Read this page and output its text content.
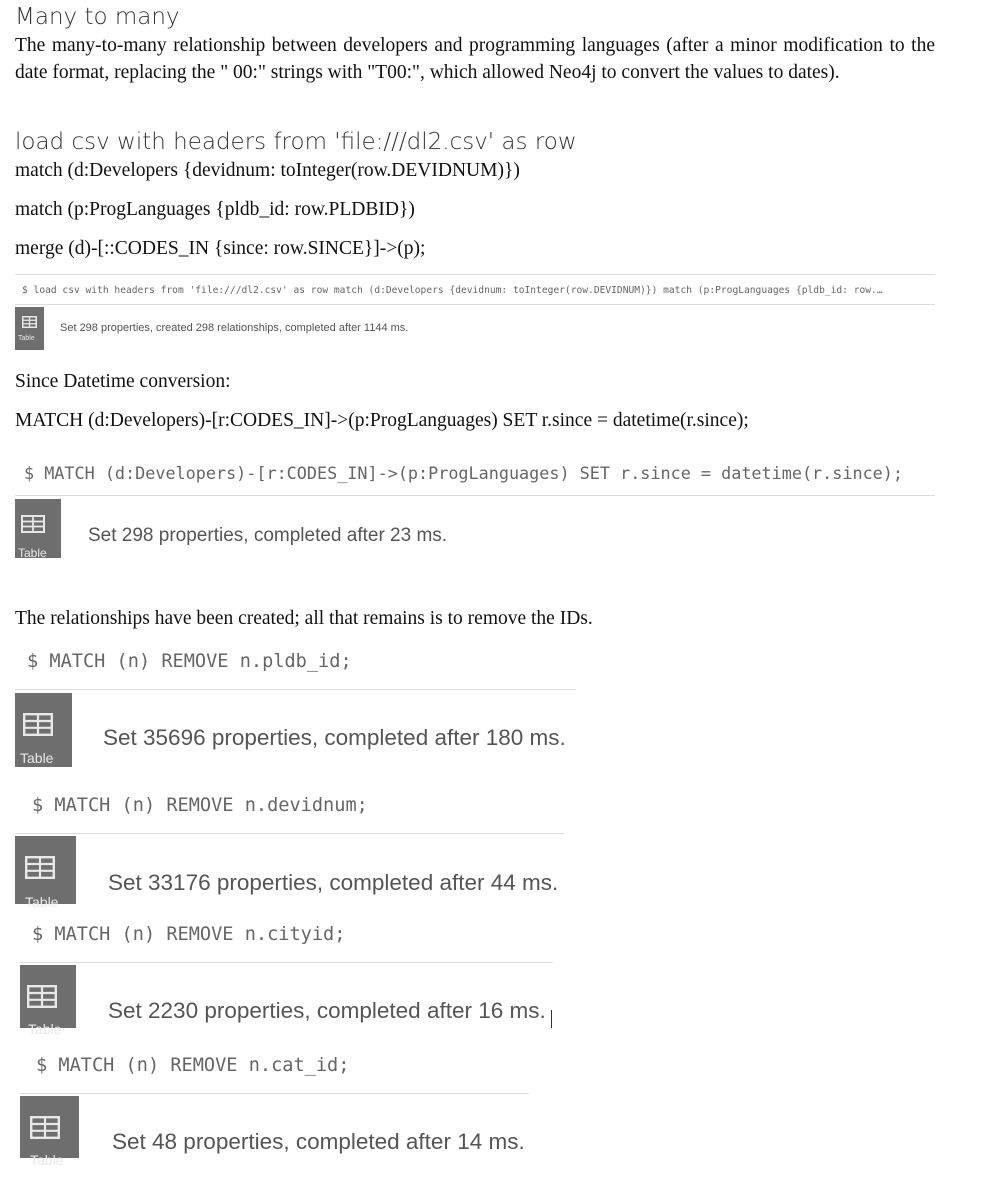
Many to many
The many-to-many relationship between developers and programming languages (after a minor modification to the date format, replacing the " 00:" strings with "T00:", which allowed Neo4j to convert the values to dates).
load csv with headers from 'file:///dl2.csv' as row
match (d:Developers {devidnum: toInteger(row.DEVIDNUM)})
match (p:ProgLanguages {pldb_id: row.PLDBID})
merge (d)-[::CODES_IN {since: row.SINCE}]->(p);
$ load csv with headers from 'file:///dl2.csv' as row match (d:Developers {devidnum: toInteger(row.DEVIDNUM)}) match (p:ProgLanguages {pldb_id: row.…
Table
Set 298 properties, created 298 relationships, completed after 1144 ms.
Since Datetime conversion:
MATCH (d:Developers)-[r:CODES_IN]->(p:ProgLanguages) SET r.since = datetime(r.since);
$ MATCH (d:Developers)-[r:CODES_IN]->(p:ProgLanguages) SET r.since = datetime(r.since);
Table
Set 298 properties, completed after 23 ms.
The relationships have been created; all that remains is to remove the IDs.
$ MATCH (n) REMOVE n.pldb_id;
Table
Set 35696 properties, completed after 180 ms.
$ MATCH (n) REMOVE n.devidnum;
Table
Set 33176 properties, completed after 44 ms.
$ MATCH (n) REMOVE n.cityid;
Table
Set 2230 properties, completed after 16 ms.
$ MATCH (n) REMOVE n.cat_id;
Table
Set 48 properties, completed after 14 ms.
